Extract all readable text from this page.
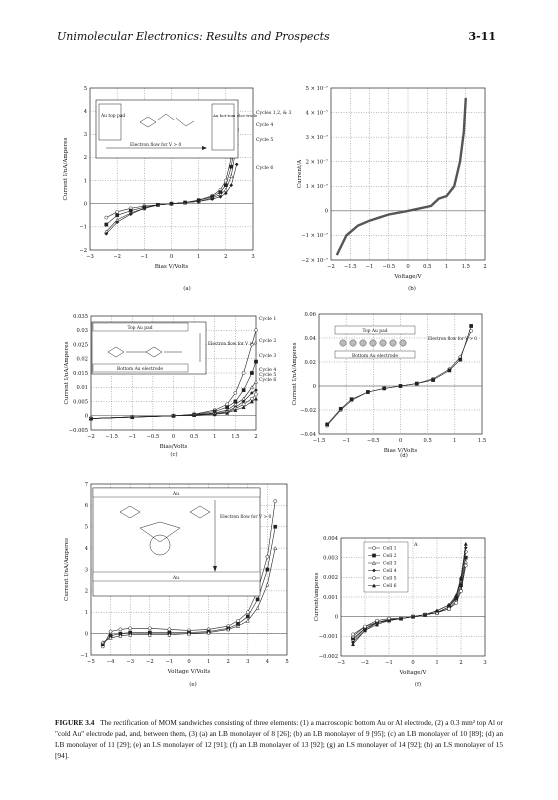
Unimolecular Electronics: Results and Prospects	3-11
−3	−2	−1	0	1	2	3
−2
−1
0
1
2
3
4
5
Bias V/Volts
Current I/nA/Amperes
Cycles 1,2, & 3
Cycle 4
Cycle 5
Cycle 6
(a)
Au top pad	Au bot-tom elec-trode
Electron flow for V > 0
−2 −1.5 −1 −0.5 0	0.5	1	1.5	2
−2 × 10⁻⁷
−1 × 10⁻⁷
0
1 × 10⁻⁷
2 × 10⁻⁷
3 × 10⁻⁷
4 × 10⁻⁷
5 × 10⁻⁷
Voltage/V
Current/A
(b)
−2 −1.5 −1 −0.5 0	0.5	1	1.5	2
−0.005
0
0.005
0.01
0.015
0.02
0.025
0.03
0.035
Bias/Volts
Current I/nA/Amperes
Cycle 1
Cycle 2
Cycle 3
Cycle 4
Cycle 5
Cycle 6
(c)
Top Au pad
Bottom Au electrode
Electron flow for V > 0
−1.5	−1	−0.5	0	0.5	1	1.5
−0.04
−0.02
0
0.02
0.04
0.06
Bias V/Volts
Current I/nA/Amperes
(d)
Top Au pad
Bottom Au electrode
Electron flow for V > 0
−5 −4 −3 −2 −1	0	1	2	3	4	5
−1
0
1
2
3
4
5
6
7
Voltage V/Volts
Current I/nA/Amperes
(e)
Au
Au
Electron flow for V > 0
−3	−2	−1	0	1	2	3
−0.002
−0.001
0
0.001
0.002
0.003
0.004
Voltage/V
Current/amperes
Cell 1
Cell 2
Cell 3
Cell 4
Cell 5
Cell 6
A
(f)
FIGURE 3.4 The rectification of MOM sandwiches consisting of three elements: (1) a macroscopic bottom Au or Al electrode, (2) a 0.3 mm² top Al or "cold Au" electrode pad, and, between them, (3) (a) an LB monolayer of 8 [26]; (b) an LB monolayer of 9 [95]; (c) an LB monolayer of 10 [89]; (d) an LB monolayer of 11 [29]; (e) an LS monolayer of 12 [91]; (f) an LB monolayer of 13 [92]; (g) an LS monolayer of 14 [92]; (h) an LS monolayer of 15 [94].
